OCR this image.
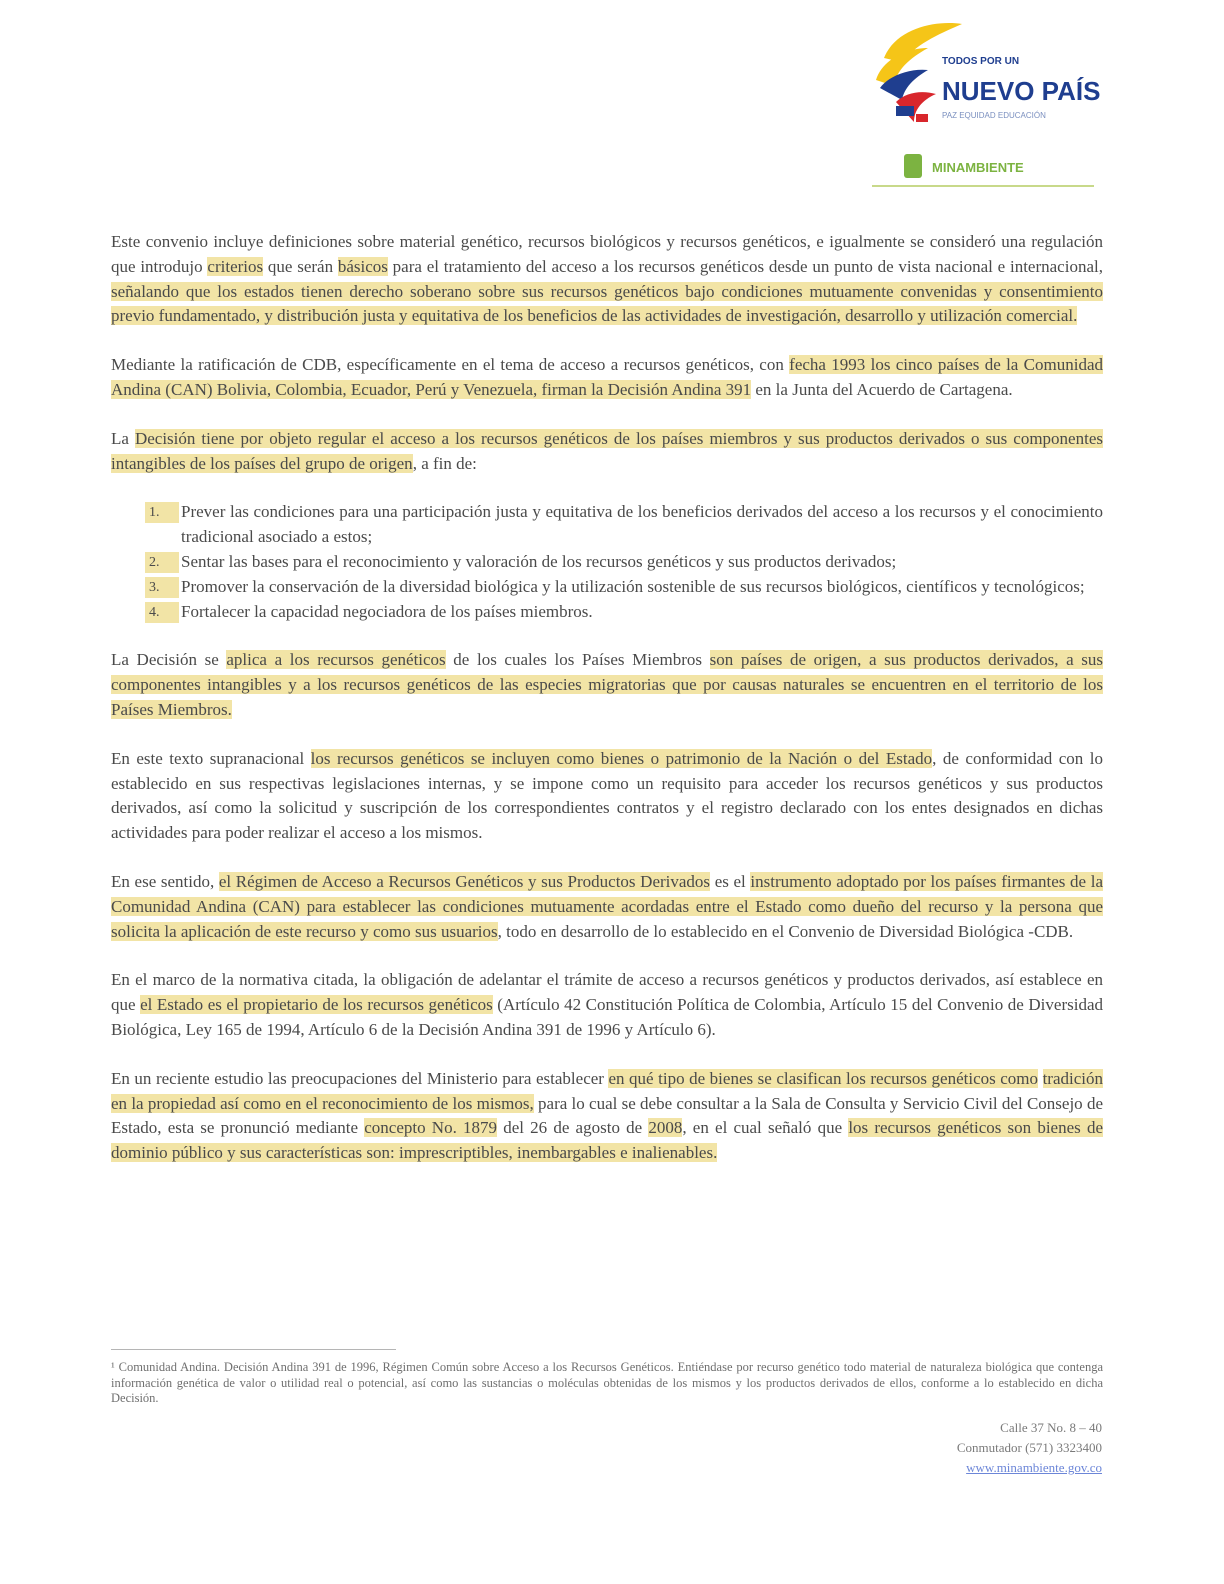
TODOS POR UN
NUEVO PAÍS
PAZ EQUIDAD EDUCACIÓN
MINAMBIENTE

Este convenio incluye definiciones sobre material genético, recursos biológicos y recursos genéticos, e igualmente se consideró una regulación que introdujo criterios que serán básicos para el tratamiento del acceso a los recursos genéticos desde un punto de vista nacional e internacional, señalando que los estados tienen derecho soberano sobre sus recursos genéticos bajo condiciones mutuamente convenidas y consentimiento previo fundamentado, y distribución justa y equitativa de los beneficios de las actividades de investigación, desarrollo y utilización comercial.

Mediante la ratificación de CDB, específicamente en el tema de acceso a recursos genéticos, con fecha 1993 los cinco países de la Comunidad Andina (CAN) Bolivia, Colombia, Ecuador, Perú y Venezuela, firman la Decisión Andina 391 en la Junta del Acuerdo de Cartagena.

La Decisión tiene por objeto regular el acceso a los recursos genéticos de los países miembros y sus productos derivados o sus componentes intangibles de los países del grupo de origen, a fin de:

1.	Prever las condiciones para una participación justa y equitativa de los beneficios derivados del acceso a los recursos y el conocimiento tradicional asociado a estos;
2.	Sentar las bases para el reconocimiento y valoración de los recursos genéticos y sus productos derivados;
3.	Promover la conservación de la diversidad biológica y la utilización sostenible de sus recursos biológicos, científicos y tecnológicos;
4.	Fortalecer la capacidad negociadora de los países miembros.

La Decisión se aplica a los recursos genéticos de los cuales los Países Miembros son países de origen, a sus productos derivados, a sus componentes intangibles y a los recursos genéticos de las especies migratorias que por causas naturales se encuentren en el territorio de los Países Miembros.

En este texto supranacional los recursos genéticos se incluyen como bienes o patrimonio de la Nación o del Estado, de conformidad con lo establecido en sus respectivas legislaciones internas, y se impone como un requisito para acceder los recursos genéticos y sus productos derivados, así como la solicitud y suscripción de los correspondientes contratos y el registro declarado con los entes designados en dichas actividades para poder realizar el acceso a los mismos.

En ese sentido, el Régimen de Acceso a Recursos Genéticos y sus Productos Derivados es el instrumento adoptado por los países firmantes de la Comunidad Andina (CAN) para establecer las condiciones mutuamente acordadas entre el Estado como dueño del recurso y la persona que solicita la aplicación de este recurso y como sus usuarios, todo en desarrollo de lo establecido en el Convenio de Diversidad Biológica -CDB.

En el marco de la normativa citada, la obligación de adelantar el trámite de acceso a recursos genéticos y productos derivados, así establece en que el Estado es el propietario de los recursos genéticos (Artículo 42 Constitución Política de Colombia, Artículo 15 del Convenio de Diversidad Biológica, Ley 165 de 1994, Artículo 6 de la Decisión Andina 391 de 1996 y Artículo 6).

En un reciente estudio las preocupaciones del Ministerio para establecer en qué tipo de bienes se clasifican los recursos genéticos como tradición en la propiedad así como en el reconocimiento de los mismos, para lo cual se debe consultar a la Sala de Consulta y Servicio Civil del Consejo de Estado, esta se pronunció mediante concepto No. 1879 del 26 de agosto de 2008, en el cual señaló que los recursos genéticos son bienes de dominio público y sus características son: imprescriptibles, inembargables e inalienables.

¹ Comunidad Andina. Decisión Andina 391 de 1996, Régimen Común sobre Acceso a los Recursos Genéticos. Entiéndase por recurso genético todo material de naturaleza biológica que contenga información genética de valor o utilidad real o potencial, así como las sustancias o moléculas obtenidas de los mismos y los productos derivados de ellos, conforme a lo establecido en dicha Decisión.
Calle 37 No. 8 – 40
Conmutador (571) 3323400
www.minambiente.gov.co
